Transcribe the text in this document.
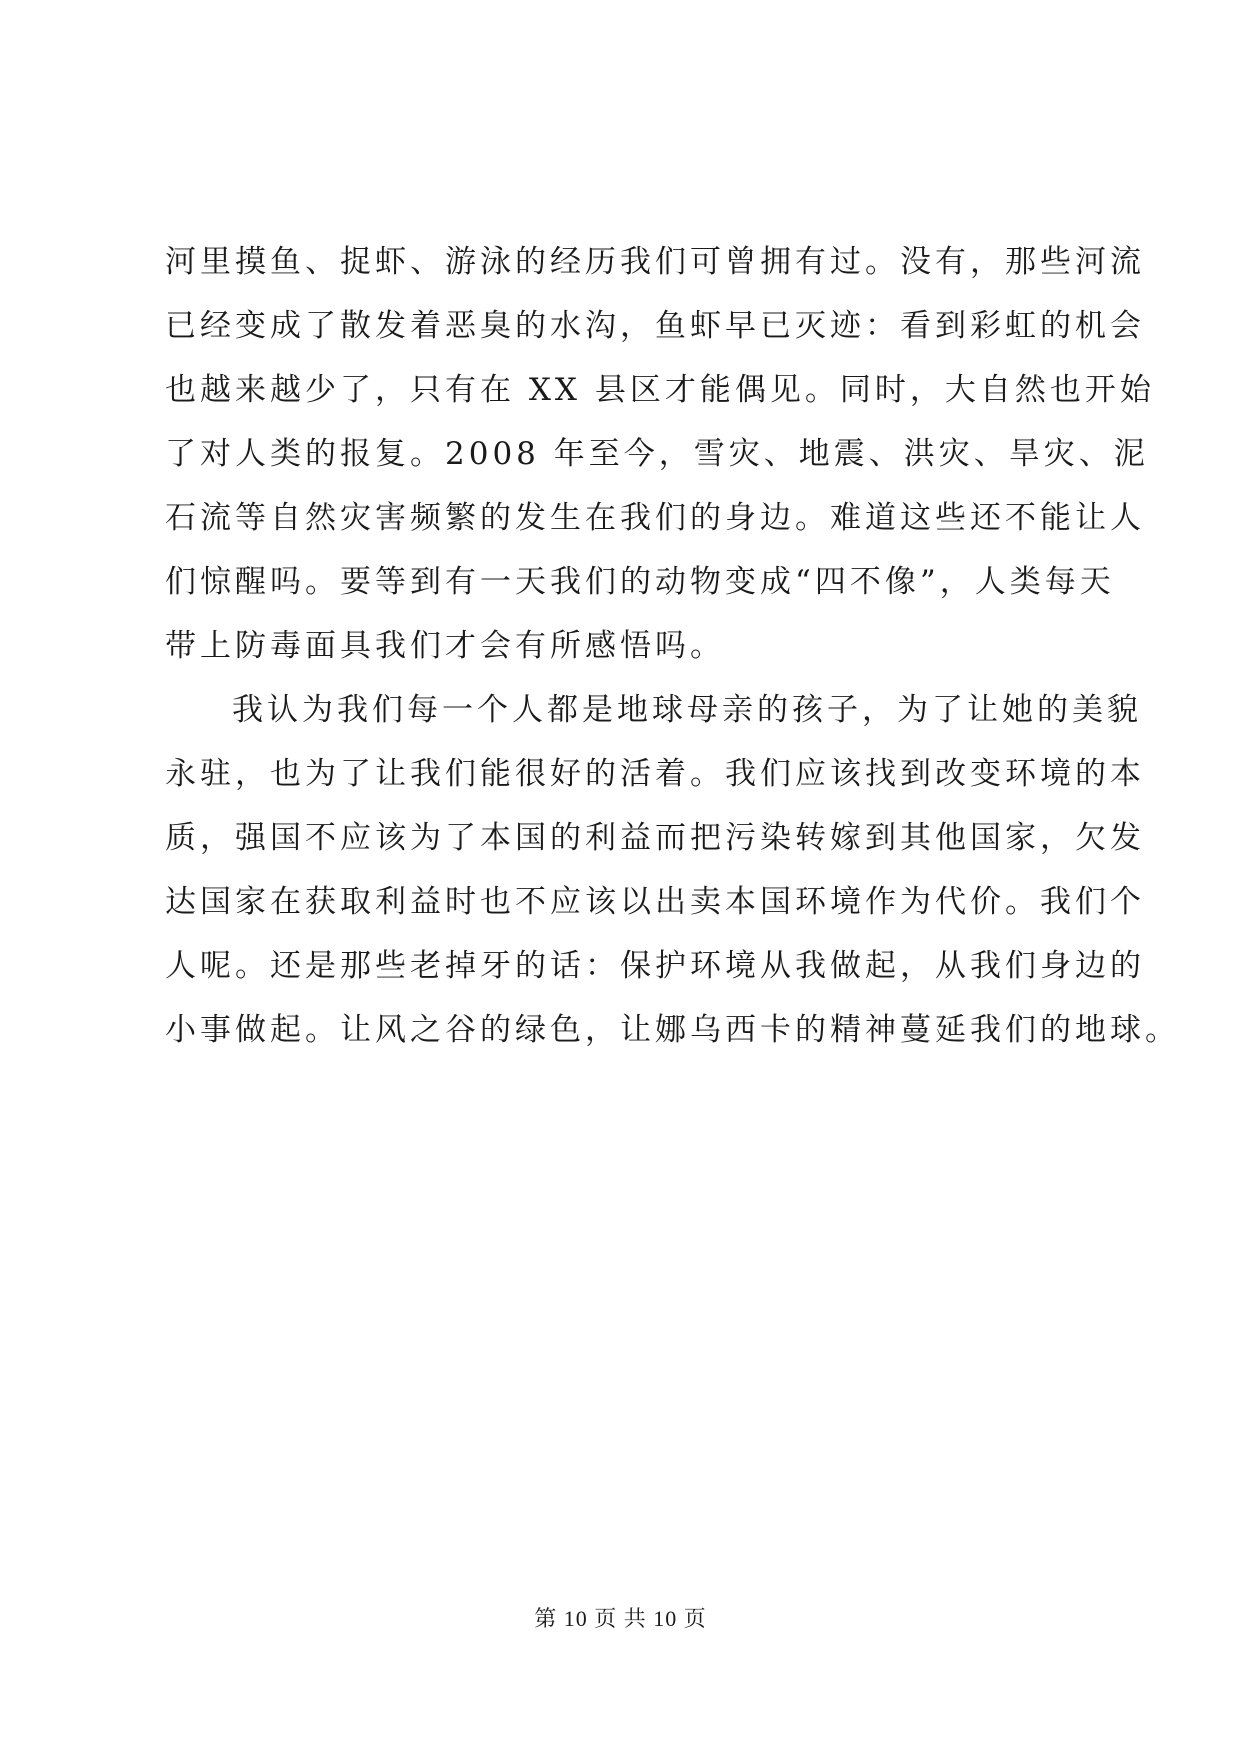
河里摸鱼、捉虾、游泳的经历我们可曾拥有过。没有，那些河流
已经变成了散发着恶臭的水沟，鱼虾早已灭迹：看到彩虹的机会
也越来越少了，只有在 XX 县区才能偶见。同时，大自然也开始
了对人类的报复。2008 年至今，雪灾、地震、洪灾、旱灾、泥
石流等自然灾害频繁的发生在我们的身边。难道这些还不能让人
们惊醒吗。要等到有一天我们的动物变成“四不像”，人类每天
带上防毒面具我们才会有所感悟吗。
我认为我们每一个人都是地球母亲的孩子，为了让她的美貌
永驻，也为了让我们能很好的活着。我们应该找到改变环境的本
质，强国不应该为了本国的利益而把污染转嫁到其他国家，欠发
达国家在获取利益时也不应该以出卖本国环境作为代价。我们个
人呢。还是那些老掉牙的话：保护环境从我做起，从我们身边的
小事做起。让风之谷的绿色，让娜乌西卡的精神蔓延我们的地球。
第 10 页 共 10 页
